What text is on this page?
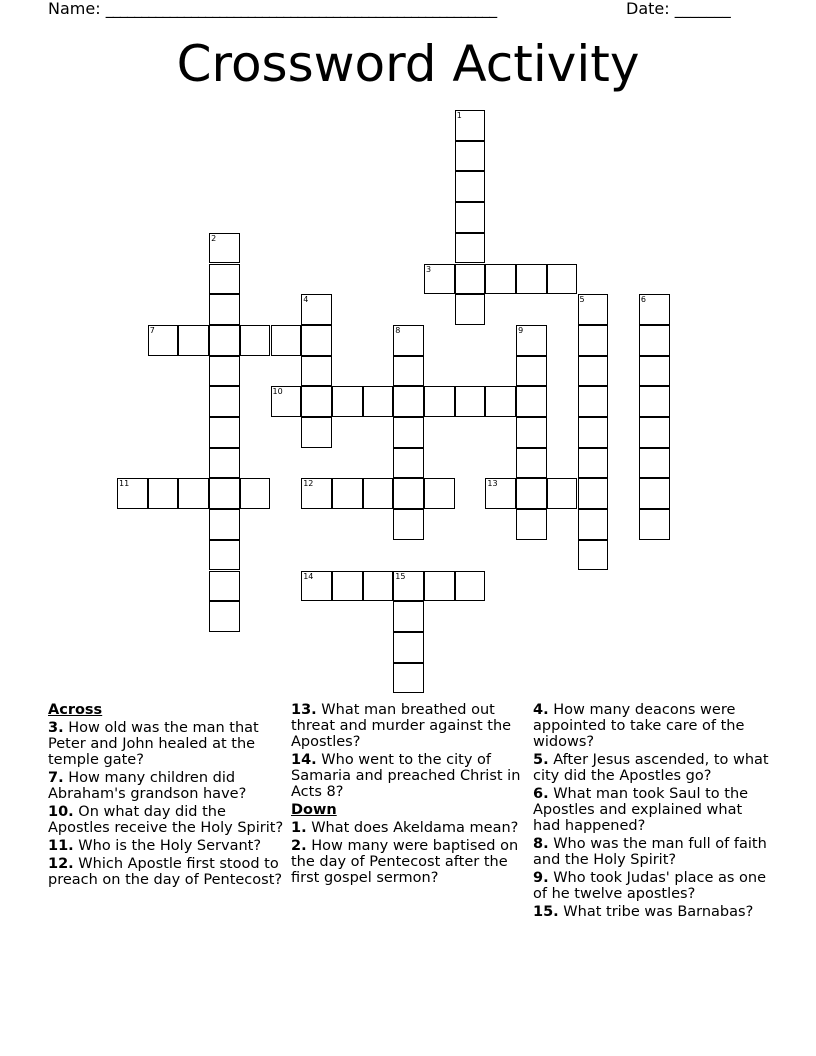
Name: _______________________________________________________	Date: _______
Crossword Activity
1
2
3
4	5	6
7	8	9
10
11	12	13
14	15
Across
3. How old was the man that Peter and John healed at the temple gate?
7. How many children did Abraham's grandson have?
10. On what day did the Apostles receive the Holy Spirit?
11. Who is the Holy Servant?
12. Which Apostle first stood to preach on the day of Pentecost?
13. What man breathed out threat and murder against the Apostles?
14. Who went to the city of Samaria and preached Christ in Acts 8?
Down
1. What does Akeldama mean?
2. How many were baptised on the day of Pentecost after the first gospel sermon?
4. How many deacons were appointed to take care of the widows?
5. After Jesus ascended, to what city did the Apostles go?
6. What man took Saul to the Apostles and explained what had happened?
8. Who was the man full of faith and the Holy Spirit?
9. Who took Judas' place as one of he twelve apostles?
15. What tribe was Barnabas?
